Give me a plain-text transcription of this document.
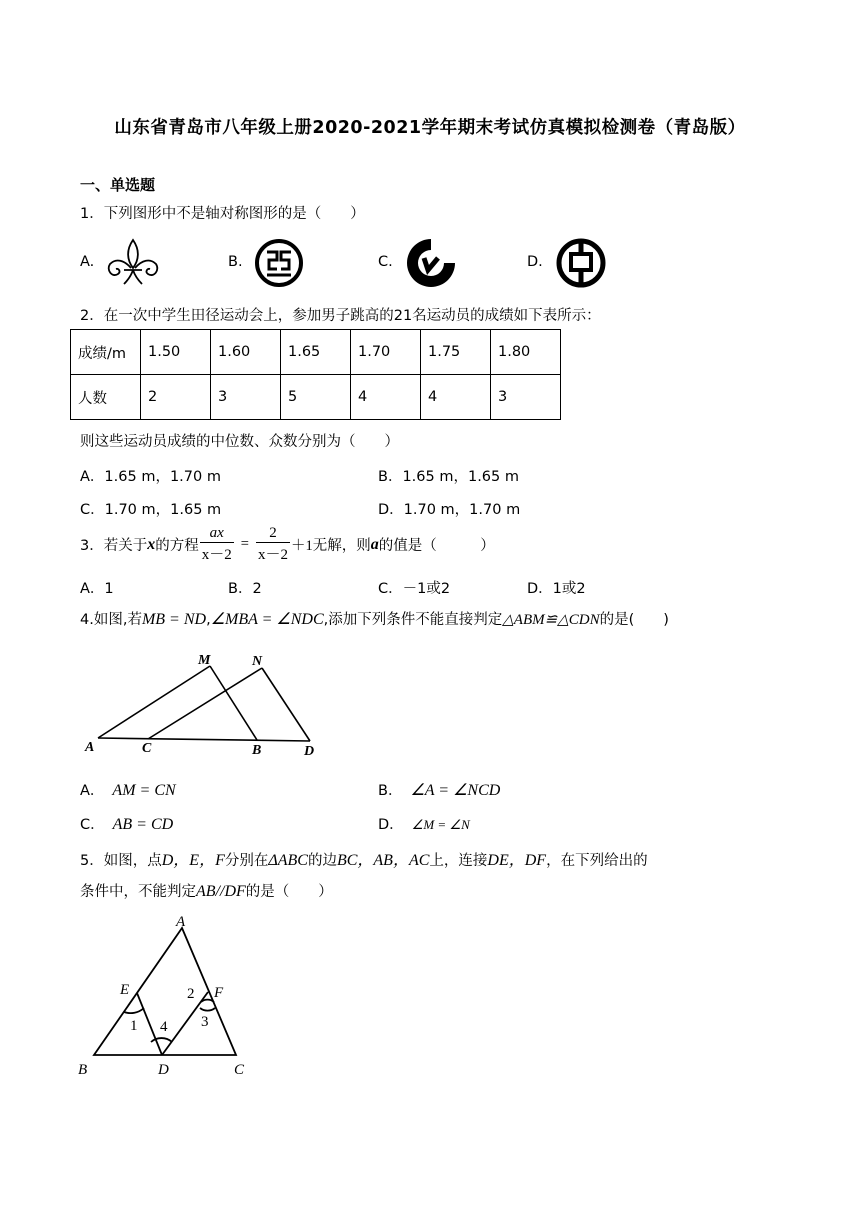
山东省青岛市八年级上册2020-2021学年期末考试仿真模拟检测卷（青岛版）
一、单选题
1．下列图形中不是轴对称图形的是（　　）
A.	B.	C.	D.
2．在一次中学生田径运动会上，参加男子跳高的21名运动员的成绩如下表所示：
成绩/m	1.50	1.60	1.65	1.70	1.75	1.80
人数	2	3	5	4	4	3
则这些运动员成绩的中位数、众数分别为（　　）
A．1.65 m，1.70 m	B．1.65 m，1.65 m
C．1.70 m，1.65 m	D．1.70 m，1.70 m
3．若关于 x 的方程 $\frac{ax}{x-2} = \frac{2}{x-2} +1$ 无解，则 a 的值是（　　　）
A．1	B．2	C．－1或2	D．1或2
4.如图,若MB = ND,∠MBA = ∠NDC,添加下列条件不能直接判定△ABM≌△CDN的是(　　)
M	N
A	C	B	D
A． AM = CN	B． ∠A = ∠NCD
C． AB = CD	D． ∠M = ∠N
5．如图，点D，E，F分别在ΔABC的边BC，AB，AC上，连接DE，DF，在下列给出的
条件中，不能判定AB//DF的是（　　）
A
E	F
B	D	C
1
2
3
4
